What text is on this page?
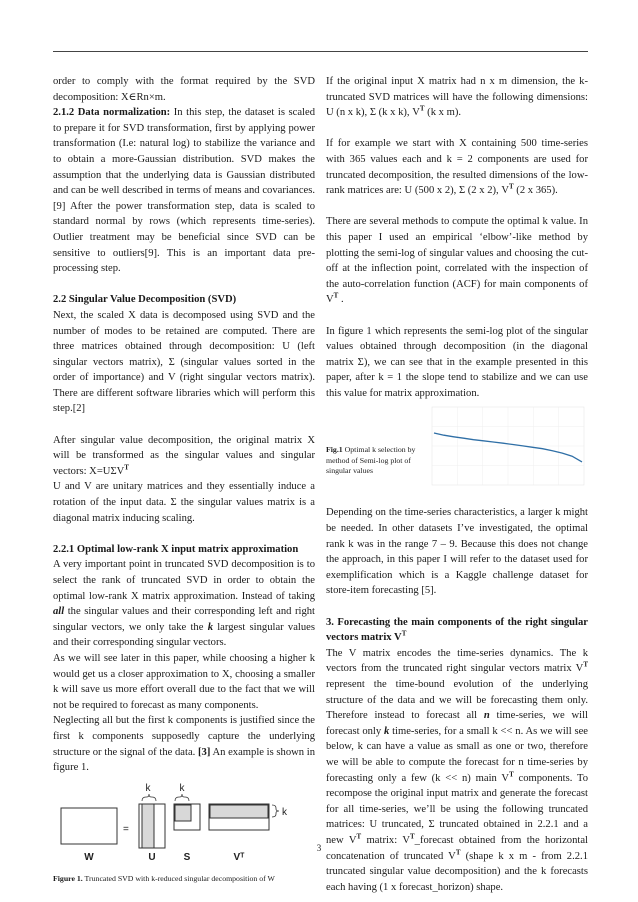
order to comply with the format required by the SVD decomposition: X∈Rn×m.

2.1.2 Data normalization: In this step, the dataset is scaled to prepare it for SVD transformation, first by applying power transformation (I.e: natural log) to stabilize the variance and to obtain a more-Gaussian distribution. SVD makes the assumption that the underlying data is Gaussian distributed and can be well described in terms of means and covariances. [9] After the power transformation step, data is scaled to standard normal by rows (which represents time-series). Outlier treatment may be beneficial since SVD can be sensitive to outliers[9]. This is an important data pre-processing step.

2.2 Singular Value Decomposition (SVD)

Next, the scaled X data is decomposed using SVD and the number of modes to be retained are computed. There are three matrices obtained through decomposition: U (left singular vectors matrix), Σ (singular values sorted in the order of importance) and V (right singular vectors matrix). There are different software libraries which will perform this step.[2]

After singular value decomposition, the original matrix X will be transformed as the singular values and singular vectors: $X=U\Sigma V^T$

U and V are unitary matrices and they essentially induce a rotation of the input data. Σ the singular values matrix is a diagonal matrix inducing scaling.

2.2.1 Optimal low-rank X input matrix approximation

A very important point in truncated SVD decomposition is to select the rank of truncated SVD in order to obtain the optimal low-rank X matrix approximation. Instead of taking all the singular values and their corresponding left and right singular vectors, we only take the k largest singular values and their corresponding singular vectors.

As we will see later in this paper, while choosing a higher k would get us a closer approximation to X, choosing a smaller k will save us more effort overall due to the fact that we will not be required to forecast as many components.

Neglecting all but the first k components is justified since the first k components supposedly capture the underlying structure or the signal of the data. [3] An example is shown in figure 1.

W
=
U	S	Vᵀ
k	k
k

Figure 1. Truncated SVD with k-reduced singular decomposition of W

If the original input X matrix had n x m dimension, the k-truncated SVD matrices will have the following dimensions: U (n x k), Σ (k x k), $V^T$ (k x m).

If for example we start with X containing 500 time-series with 365 values each and k = 2 components are used for truncated decomposition, the resulted dimensions of the low-rank matrices are: U (500 x 2), Σ (2 x 2), $V^T$ (2 x 365).

There are several methods to compute the optimal k value. In this paper I used an empirical ‘elbow’-like method by plotting the semi-log of singular values and choosing the cut-off at the inflection point, correlated with the inspection of the auto-correlation function (ACF) for main components of $V^T$ .

In figure 1 which represents the semi-log plot of the singular values obtained through decomposition (in the diagonal matrix Σ), we can see that in the example presented in this paper, after k = 1 the slope tend to stabilize and we can use this value for matrix approximation.

Fig.1 Optimal k selection by method of Semi-log plot of singular values

Depending on the time-series characteristics, a larger k might be needed. In other datasets I’ve investigated, the optimal rank k was in the range 7 – 9. Because this does not change the approach, in this paper I will refer to the dataset used for exemplification which is a Kaggle challenge dataset for store-item forecasting [5].

3. Forecasting the main components of the right singular vectors matrix $V^T$

The V matrix encodes the time-series dynamics. The k vectors from the truncated right singular vectors matrix $V^T$ represent the time-bound evolution of the underlying structure of the data and we will be forecasting them only. Therefore instead to forecast all n time-series, we will forecast only k time-series, for a small k << n. As we will see below, k can have a value as small as one or two, therefore we will be able to compute the forecast for n time-series by forecasting only a few (k << n) main $V^T$ components. To recompose the original input matrix and generate the forecast for all time-series, we’ll be using the following truncated matrices: U truncated, Σ truncated obtained in 2.2.1 and a new $V^T$ matrix: $V^T\_forecast$ obtained from the horizontal concatenation of truncated $V^T$ (shape k x m - from 2.2.1 truncated singular value decomposition) and the k forecasts each having (1 x forecast_horizon) shape.

3
